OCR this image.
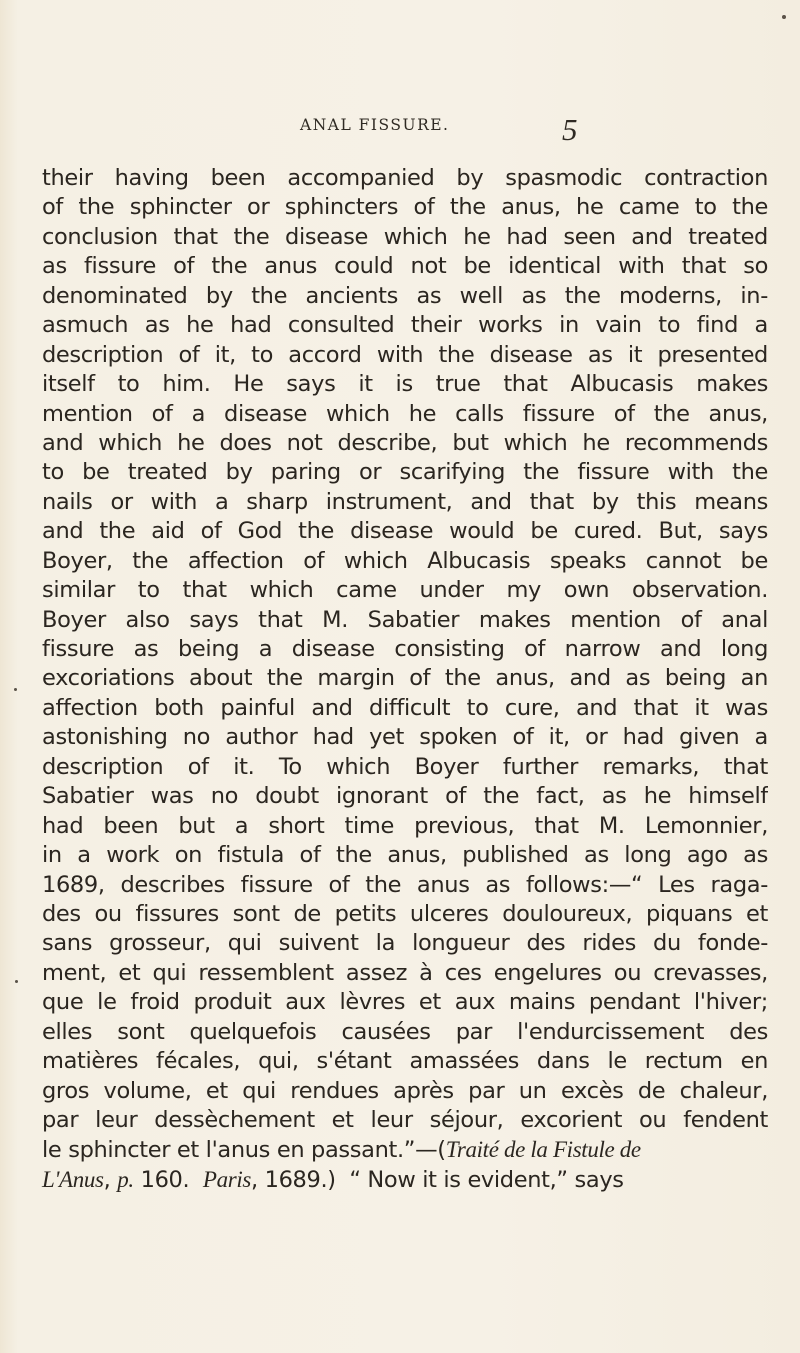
ANAL FISSURE.	5
their having been accompanied by spasmodic contraction
of the sphincter or sphincters of the anus, he came to the
conclusion that the disease which he had seen and treated
as fissure of the anus could not be identical with that so
denominated by the ancients as well as the moderns, in-
asmuch as he had consulted their works in vain to find a
description of it, to accord with the disease as it presented
itself to him. He says it is true that Albucasis makes
mention of a disease which he calls fissure of the anus,
and which he does not describe, but which he recommends
to be treated by paring or scarifying the fissure with the
nails or with a sharp instrument, and that by this means
and the aid of God the disease would be cured. But, says
Boyer, the affection of which Albucasis speaks cannot be
similar to that which came under my own observation.
Boyer also says that M. Sabatier makes mention of anal
fissure as being a disease consisting of narrow and long
excoriations about the margin of the anus, and as being an
affection both painful and difficult to cure, and that it was
astonishing no author had yet spoken of it, or had given a
description of it. To which Boyer further remarks, that
Sabatier was no doubt ignorant of the fact, as he himself
had been but a short time previous, that M. Lemonnier,
in a work on fistula of the anus, published as long ago as
1689, describes fissure of the anus as follows:—“ Les raga-
des ou fissures sont de petits ulceres douloureux, piquans et
sans grosseur, qui suivent la longueur des rides du fonde-
ment, et qui ressemblent assez à ces engelures ou crevasses,
que le froid produit aux lèvres et aux mains pendant l'hiver;
elles sont quelquefois causées par l'endurcissement des
matières fécales, qui, s'étant amassées dans le rectum en
gros volume, et qui rendues après par un excès de chaleur,
par leur dessèchement et leur séjour, excorient ou fendent
le sphincter et l'anus en passant.”—(Traité de la Fistule de
L'Anus, p. 160. Paris, 1689.) “ Now it is evident,” says
